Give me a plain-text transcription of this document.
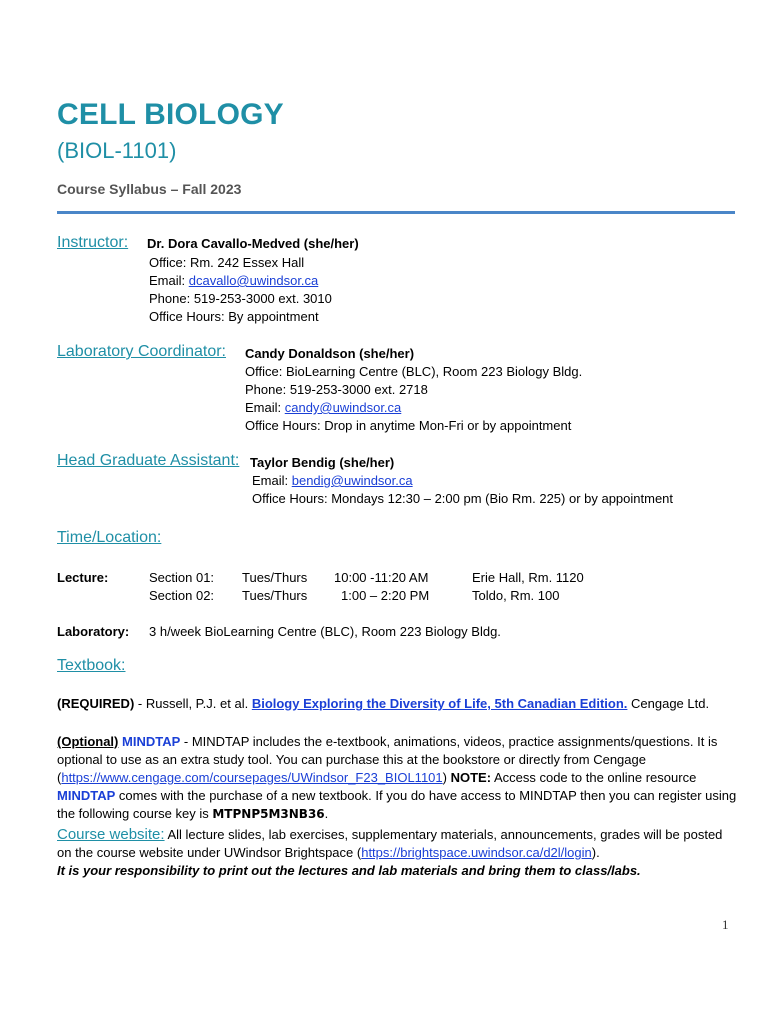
CELL BIOLOGY
(BIOL-1101)
Course Syllabus – Fall 2023
Instructor: Dr. Dora Cavallo-Medved (she/her)
Office: Rm. 242 Essex Hall
Email: dcavallo@uwindsor.ca
Phone: 519-253-3000 ext. 3010
Office Hours: By appointment
Laboratory Coordinator: Candy Donaldson (she/her)
Office: BioLearning Centre (BLC), Room 223 Biology Bldg.
Phone: 519-253-3000 ext. 2718
Email: candy@uwindsor.ca
Office Hours: Drop in anytime Mon-Fri or by appointment
Head Graduate Assistant: Taylor Bendig (she/her)
Email: bendig@uwindsor.ca
Office Hours: Mondays 12:30 – 2:00 pm (Bio Rm. 225) or by appointment
Time/Location:
Lecture:	Section 01: Tues/Thurs 10:00 -11:20 AM	Erie Hall, Rm. 1120
Section 02: Tues/Thurs	1:00 – 2:20 PM	Toldo, Rm. 100
Laboratory: 3 h/week BioLearning Centre (BLC), Room 223 Biology Bldg.
Textbook:
(REQUIRED) - Russell, P.J. et al. Biology Exploring the Diversity of Life, 5th Canadian Edition. Cengage Ltd.
(Optional) MINDTAP - MINDTAP includes the e-textbook, animations, videos, practice assignments/questions. It is optional to use as an extra study tool. You can purchase this at the bookstore or directly from Cengage (https://www.cengage.com/coursepages/UWindsor_F23_BIOL1101) NOTE: Access code to the online resource MINDTAP comes with the purchase of a new textbook. If you do have access to MINDTAP then you can register using the following course key is MTPNP5M3NB36.
Course website: All lecture slides, lab exercises, supplementary materials, announcements, grades will be posted on the course website under UWindsor Brightspace (https://brightspace.uwindsor.ca/d2l/login).
It is your responsibility to print out the lectures and lab materials and bring them to class/labs.
1
